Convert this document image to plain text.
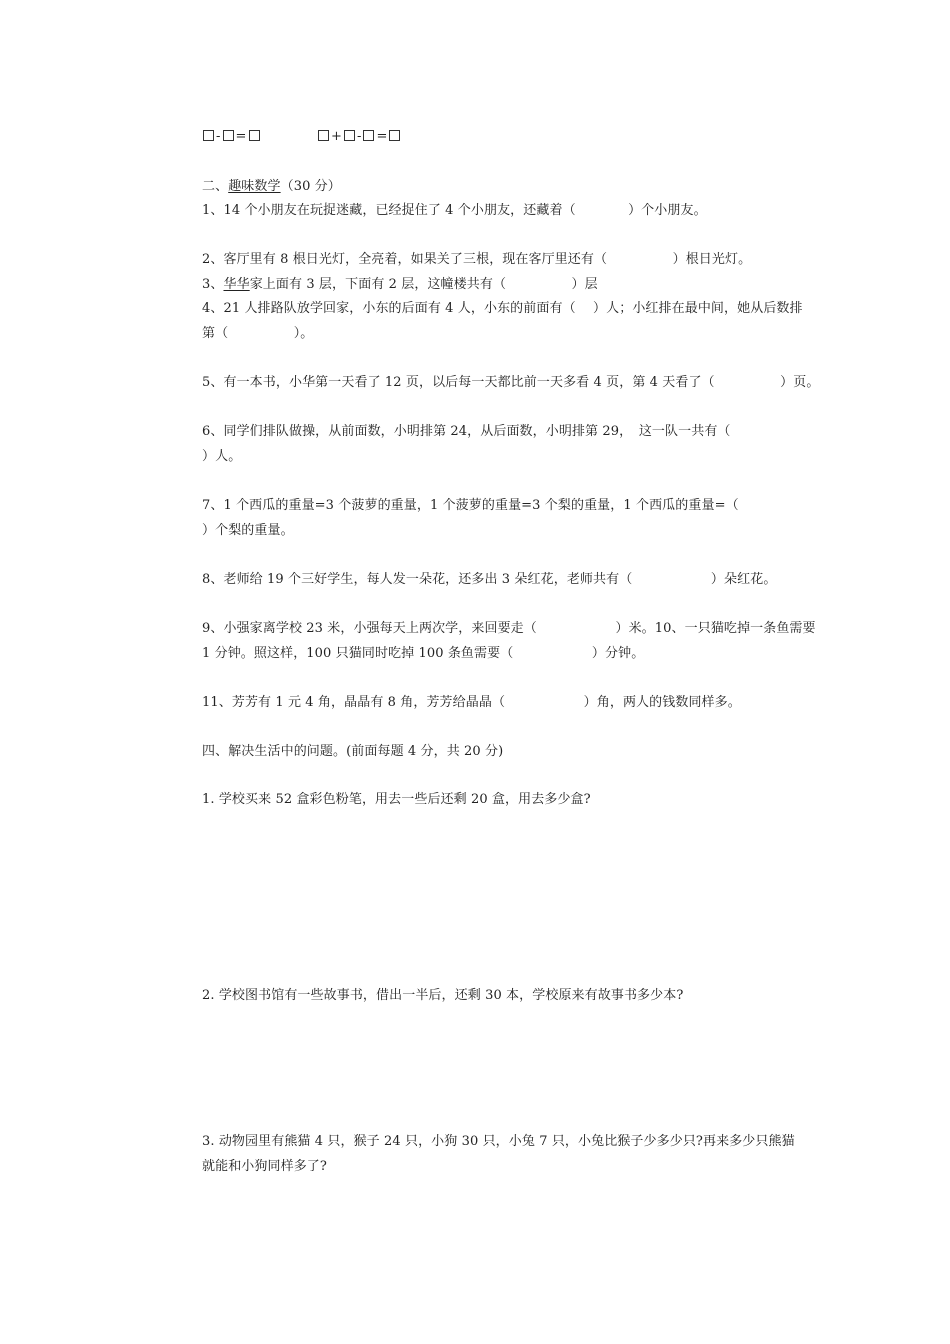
- =	+ - =
二、趣味数学（30 分）
1、14 个小朋友在玩捉迷藏，已经捉住了 4 个小朋友，还藏着（　　　　）个小朋友。
2、客厅里有 8 根日光灯，全亮着，如果关了三根，现在客厅里还有（　　　　　）根日光灯。
3、华华家上面有 3 层，下面有 2 层，这幢楼共有（　　　　　）层
4、21 人排路队放学回家，小东的后面有 4 人，小东的前面有（　 ）人；小红排在最中间，她从后数排
第（　　　　　）。
5、有一本书，小华第一天看了 12 页，以后每一天都比前一天多看 4 页，第 4 天看了（　　　　　）页。
6、同学们排队做操，从前面数，小明排第 24，从后面数，小明排第 29，　这一队一共有（
）人。
7、1 个西瓜的重量=3 个菠萝的重量，1 个菠萝的重量=3 个梨的重量，1 个西瓜的重量=（
）个梨的重量。
8、老师给 19 个三好学生，每人发一朵花，还多出 3 朵红花，老师共有（　　　　　　）朵红花。
9、小强家离学校 23 米，小强每天上两次学，来回要走（　　　　　　）米。10、一只猫吃掉一条鱼需要
1 分钟。照这样，100 只猫同时吃掉 100 条鱼需要（　　　　　　）分钟。
11、芳芳有 1 元 4 角，晶晶有 8 角，芳芳给晶晶（　　　　　　）角，两人的钱数同样多。
四、解决生活中的问题。(前面每题 4 分，共 20 分)
1. 学校买来 52 盒彩色粉笔，用去一些后还剩 20 盒，用去多少盒?
2. 学校图书馆有一些故事书，借出一半后，还剩 30 本，学校原来有故事书多少本?
3. 动物园里有熊猫 4 只，猴子 24 只，小狗 30 只，小兔 7 只，小兔比猴子少多少只?再来多少只熊猫
就能和小狗同样多了?
